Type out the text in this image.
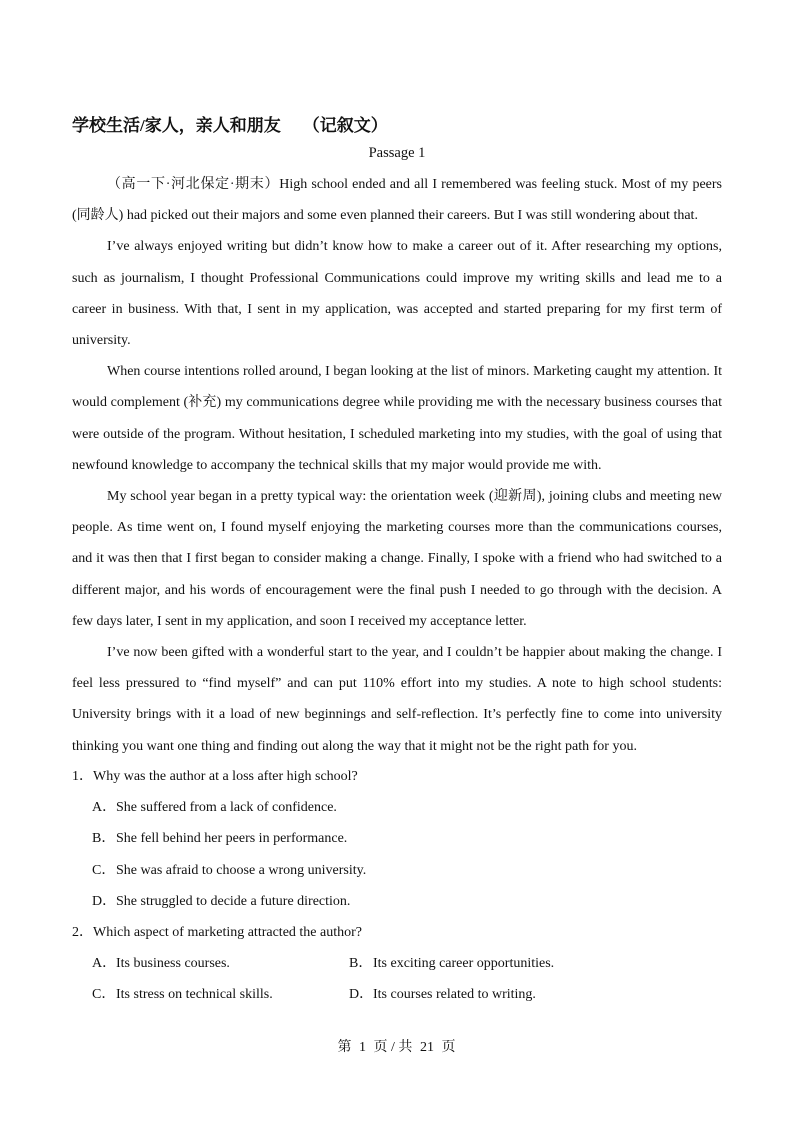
学校生活/家人，亲人和朋友 （记叙文）
Passage 1

（高一下·河北保定·期末）High school ended and all I remembered was feeling stuck. Most of my peers (同龄人) had picked out their majors and some even planned their careers. But I was still wondering about that.

I’ve always enjoyed writing but didn’t know how to make a career out of it. After researching my options, such as journalism, I thought Professional Communications could improve my writing skills and lead me to a career in business. With that, I sent in my application, was accepted and started preparing for my first term of university.

When course intentions rolled around, I began looking at the list of minors. Marketing caught my attention. It would complement (补充) my communications degree while providing me with the necessary business courses that were outside of the program. Without hesitation, I scheduled marketing into my studies, with the goal of using that newfound knowledge to accompany the technical skills that my major would provide me with.

My school year began in a pretty typical way: the orientation week (迎新周), joining clubs and meeting new people. As time went on, I found myself enjoying the marketing courses more than the communications courses, and it was then that I first began to consider making a change. Finally, I spoke with a friend who had switched to a different major, and his words of encouragement were the final push I needed to go through with the decision. A few days later, I sent in my application, and soon I received my acceptance letter.

I’ve now been gifted with a wonderful start to the year, and I couldn’t be happier about making the change. I feel less pressured to “find myself” and can put 110% effort into my studies. A note to high school students: University brings with it a load of new beginnings and self-reflection. It’s perfectly fine to come into university thinking you want one thing and finding out along the way that it might not be the right path for you.

1．Why was the author at a loss after high school?
A．She suffered from a lack of confidence.
B．She fell behind her peers in performance.
C．She was afraid to choose a wrong university.
D．She struggled to decide a future direction.
2．Which aspect of marketing attracted the author?
A．Its business courses.	B．Its exciting career opportunities.
C．Its stress on technical skills.	D．Its courses related to writing.
第 1 页 / 共 21 页
